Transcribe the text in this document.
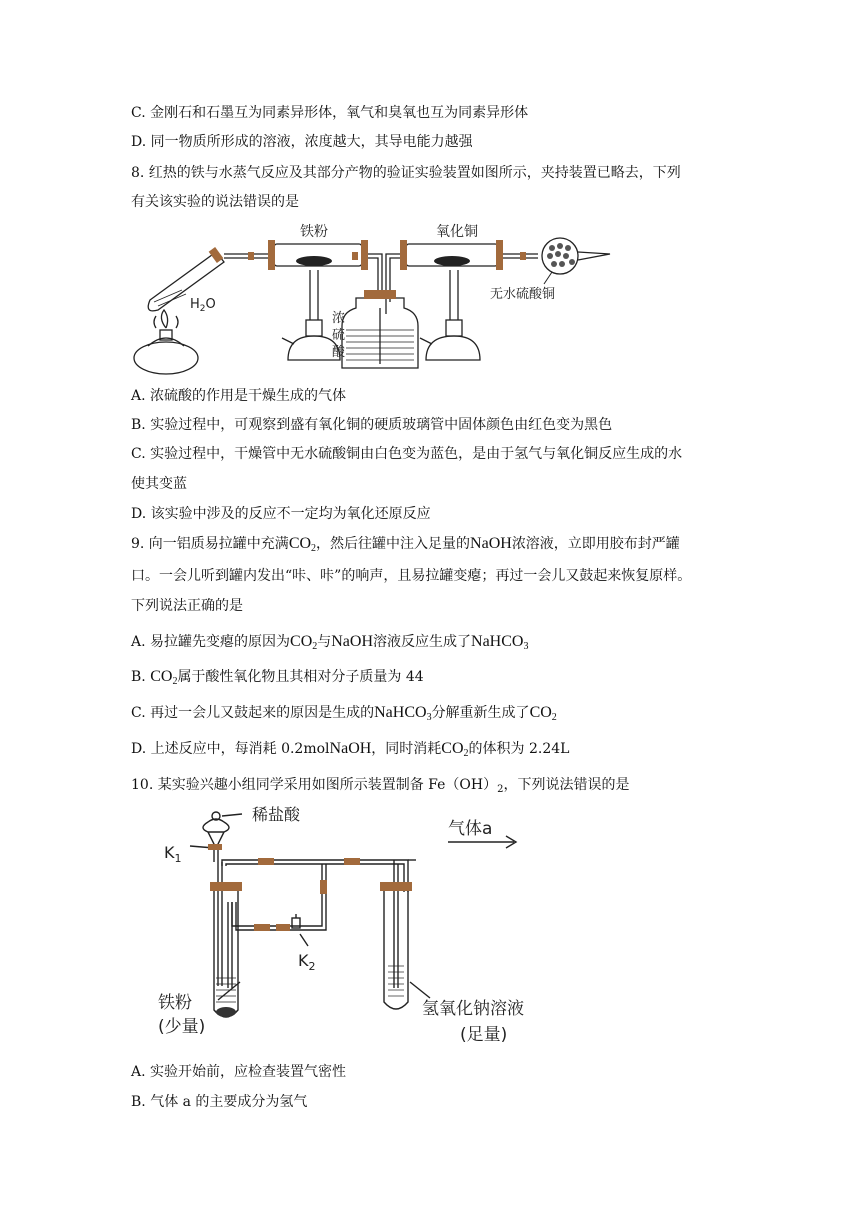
C. 金刚石和石墨互为同素异形体，氧气和臭氧也互为同素异形体

D. 同一物质所形成的溶液，浓度越大，其导电能力越强

8. 红热的铁与水蒸气反应及其部分产物的验证实验装置如图所示，夹持装置已略去，下列

有关该实验的说法错误的是

铁粉	氧化铜
$H_2O$
浓
硫
酸
无水硫酸铜

A. 浓硫酸的作用是干燥生成的气体

B. 实验过程中，可观察到盛有氧化铜的硬质玻璃管中固体颜色由红色变为黑色

C. 实验过程中，干燥管中无水硫酸铜由白色变为蓝色，是由于氢气与氧化铜反应生成的水

使其变蓝

D. 该实验中涉及的反应不一定均为氧化还原反应

9. 向一铝质易拉罐中充满$CO_2$，然后往罐中注入足量的NaOH浓溶液，立即用胶布封严罐

口。一会儿听到罐内发出“咔、咔”的响声，且易拉罐变瘪；再过一会儿又鼓起来恢复原样。

下列说法正确的是

A. 易拉罐先变瘪的原因为$CO_2$与NaOH溶液反应生成了NaHCO$_3$

B. $CO_2$属于酸性氧化物且其相对分子质量为 44

C. 再过一会儿又鼓起来的原因是生成的NaHCO$_3$分解重新生成了$CO_2$

D. 上述反应中，每消耗 0.2molNaOH，同时消耗$CO_2$的体积为 2.24L

10. 某实验兴趣小组同学采用如图所示装置制备 $Fe(OH)_2$，下列说法错误的是

稀盐酸
$K_1$
$K_2$
气体a
铁粉
(少量)
氢氧化钠溶液
(足量)

A. 实验开始前，应检查装置气密性

B. 气体 a 的主要成分为氢气
